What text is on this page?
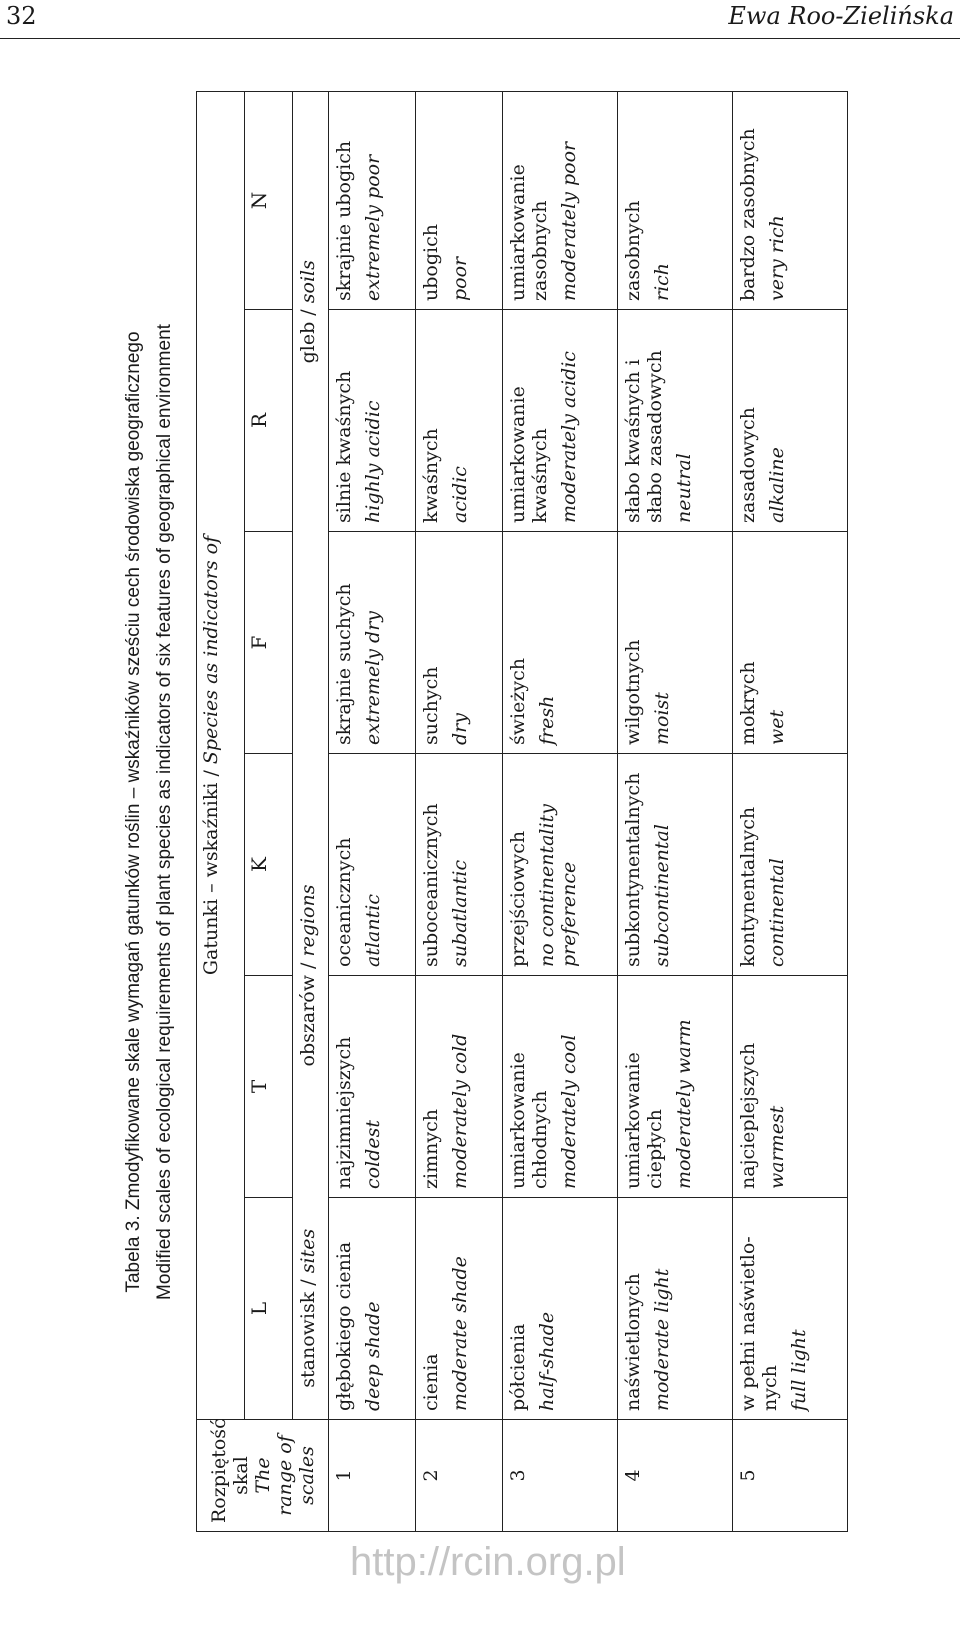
32	Ewa Roo-Zielińska
Tabela 3. Zmodyfikowane skale wymagań gatunków roślin – wskaźników sześciu cech środowiska geograficznego Modified scales of ecological requirements of plant species as indicators of six features of geographical environment
Rozpiętość skal
The range of scales	Gatunki – wskaźniki / Species as indicators of					
	L	T	K	F	R	N
	stanowisk / sites	obszarów / regions			gleb / soils	
1	głębokiego cienia deep shade	najzimniejszych coldest	oceanicznych atlantic	skrajnie suchych extremely dry	silnie kwaśnych highly acidic	skrajnie ubogich extremely poor

2	cienia moderate shade	zimnych moderately cold	suboceanicznych subatlantic	suchych dry	kwaśnych acidic	ubogich poor

3	półcienia half-shade	umiarkowanie chłodnych moderately cool	przejściowych no continentality preference	świeżych fresh	umiarkowanie kwaśnych moderately acidic	umiarkowanie zasobnych moderately poor

4	naświetlonych moderate light	umiarkowanie ciepłych moderately warm	subkontynentalnych subcontinental	wilgotnych moist	słabo kwaśnych i słabo zasadowych neutral	zasobnych rich

5	w pełni naświetlo-nych full light	najcieplejszych warmest	kontynentalnych continental	mokrych wet	zasadowych alkaline	bardzo zasobnych very rich
http://rcin.org.pl
